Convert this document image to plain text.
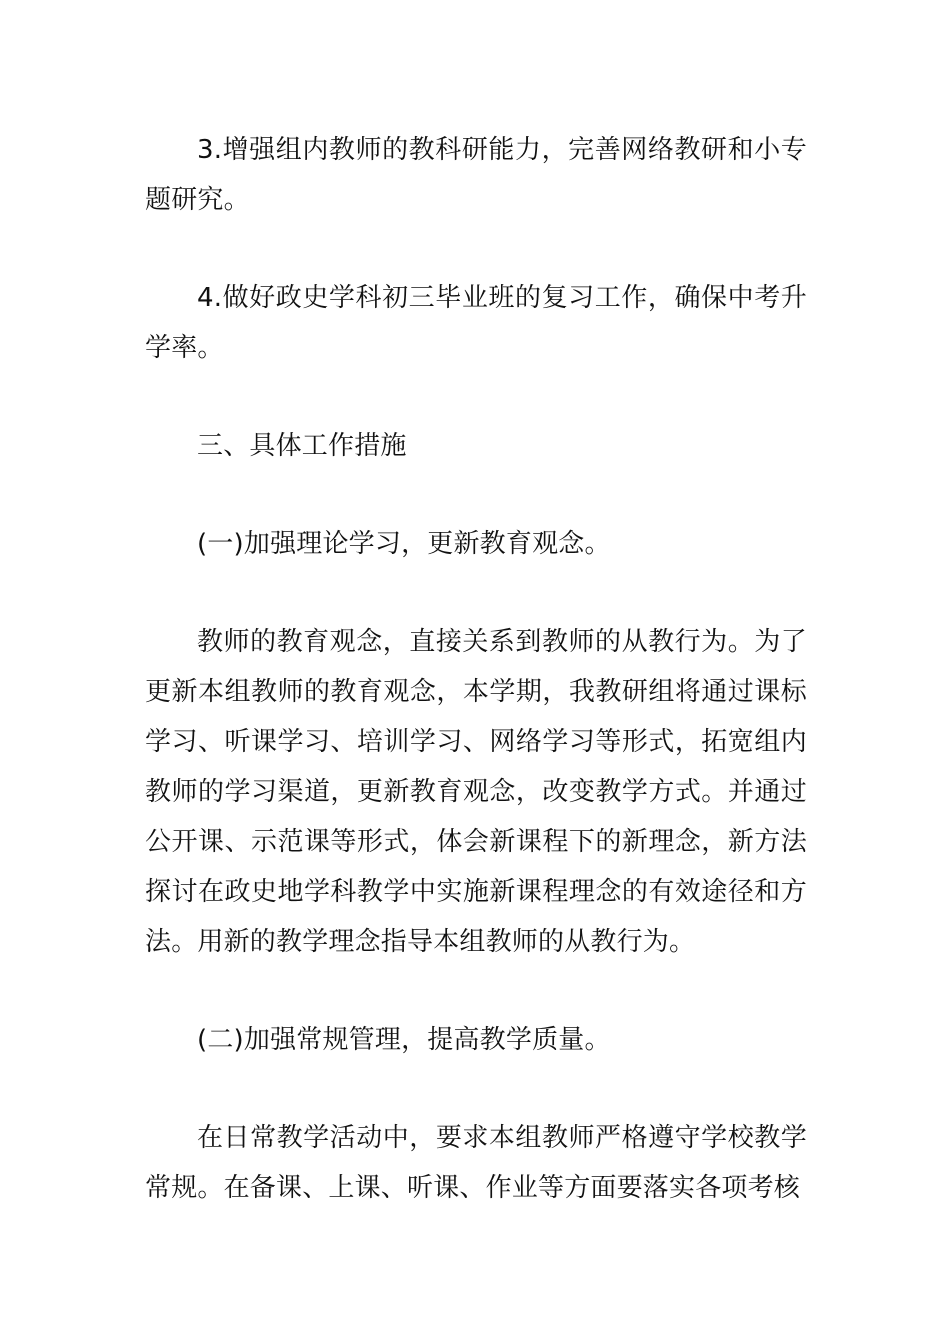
3.增强组内教师的教科研能力，完善网络教研和小专题研究。

4.做好政史学科初三毕业班的复习工作，确保中考升学率。

三、具体工作措施

(一)加强理论学习，更新教育观念。

教师的教育观念，直接关系到教师的从教行为。为了更新本组教师的教育观念，本学期，我教研组将通过课标学习、听课学习、培训学习、网络学习等形式，拓宽组内教师的学习渠道，更新教育观念，改变教学方式。并通过公开课、示范课等形式，体会新课程下的新理念，新方法探讨在政史地学科教学中实施新课程理念的有效途径和方法。用新的教学理念指导本组教师的从教行为。

(二)加强常规管理，提高教学质量。

在日常教学活动中，要求本组教师严格遵守学校教学常规。在备课、上课、听课、作业等方面要落实各项考核
